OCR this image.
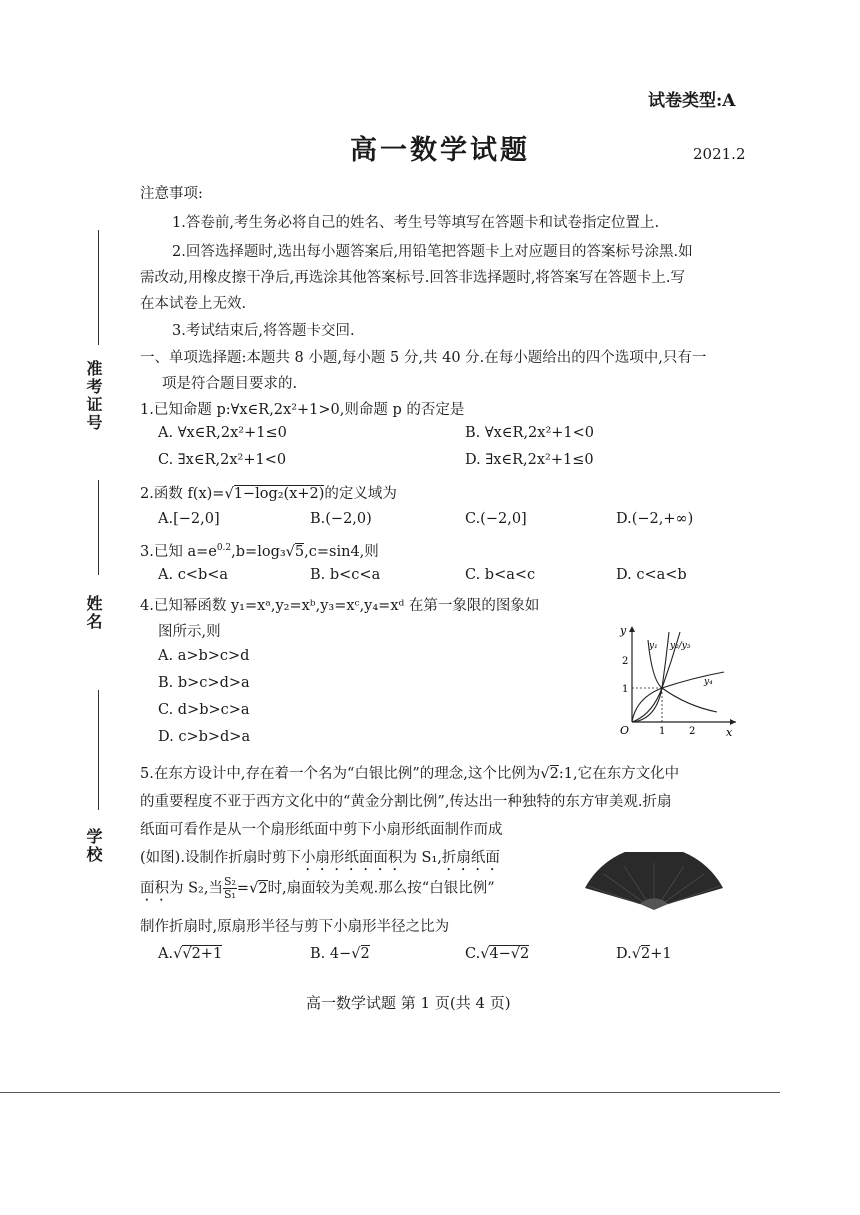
试卷类型:A
高一数学试题	2021.2
准考证号
姓名
学校
注意事项:
1.答卷前,考生务必将自己的姓名、考生号等填写在答题卡和试卷指定位置上.
2.回答选择题时,选出每小题答案后,用铅笔把答题卡上对应题目的答案标号涂黑.如
需改动,用橡皮擦干净后,再选涂其他答案标号.回答非选择题时,将答案写在答题卡上.写
在本试卷上无效.
3.考试结束后,将答题卡交回.
一、单项选择题:本题共 8 小题,每小题 5 分,共 40 分.在每小题给出的四个选项中,只有一
项是符合题目要求的.
1.已知命题 p:∀x∈R,2x²+1>0,则命题 p 的否定是
A. ∀x∈R,2x²+1≤0	B. ∀x∈R,2x²+1<0
C. ∃x∈R,2x²+1<0	D. ∃x∈R,2x²+1≤0
2.函数 f(x)=√1−log₂(x+2)的定义域为
A.[−2,0]	B.(−2,0)	C.(−2,0]	D.(−2,+∞)
3.已知 $a=e^{0.2},b=\log_3√5,c=\sin 4$,则
A. c<b<a	B. b<c<a	C. b<a<c	D. c<a<b
4.已知幂函数 y₁=xᵃ,y₂=xᵇ,y₃=xᶜ,y₄=xᵈ 在第一象限的图象如
图所示,则
A. a>b>c>d
B. b>c>d>a
C. d>b>c>a
D. c>b>d>a
y
x
O	1 2
1
2
y₁ y₂/y₃
y₄
5.在东方设计中,存在着一个名为“白银比例”的理念,这个比例为√2:1,它在东方文化中
的重要程度不亚于西方文化中的“黄金分割比例”,传达出一种独特的东方审美观.折扇
纸面可看作是从一个扇形纸面中剪下小扇形纸面制作而成
(如图).设制作折扇时剪下小扇形纸面面积为 S₁,折扇纸面
面积为 S₂,当 $\frac{\text{S₂}}{\text{S₁}} =√2$时,扇面较为美观.那么按“白银比例”
制作折扇时,原扇形半径与剪下小扇形半径之比为
A.√√2+1	B. 4−√2	C.√4−√2	D.√2+1
高一数学试题 第 1 页(共 4 页)
